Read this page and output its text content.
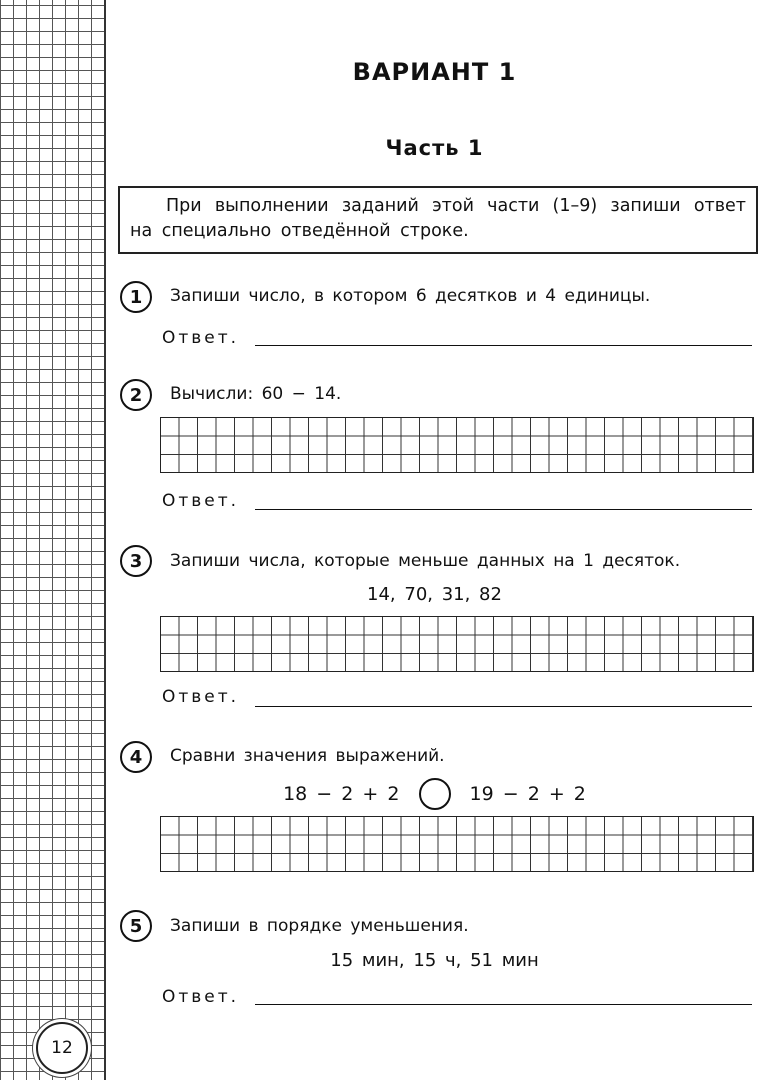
12
ВАРИАНТ 1
Часть 1
При выполнении заданий этой части (1–9) запиши ответ на специально отведённой строке.
1	Запиши число, в котором 6 десятков и 4 единицы.
Ответ.
2	Вычисли: 60 − 14.
Ответ.
3	Запиши числа, которые меньше данных на 1 десяток.
14, 70, 31, 82
Ответ.
4	Сравни значения выражений.
18 − 2 + 2	19 − 2 + 2
5	Запиши в порядке уменьшения.
15 мин, 15 ч, 51 мин
Ответ.
